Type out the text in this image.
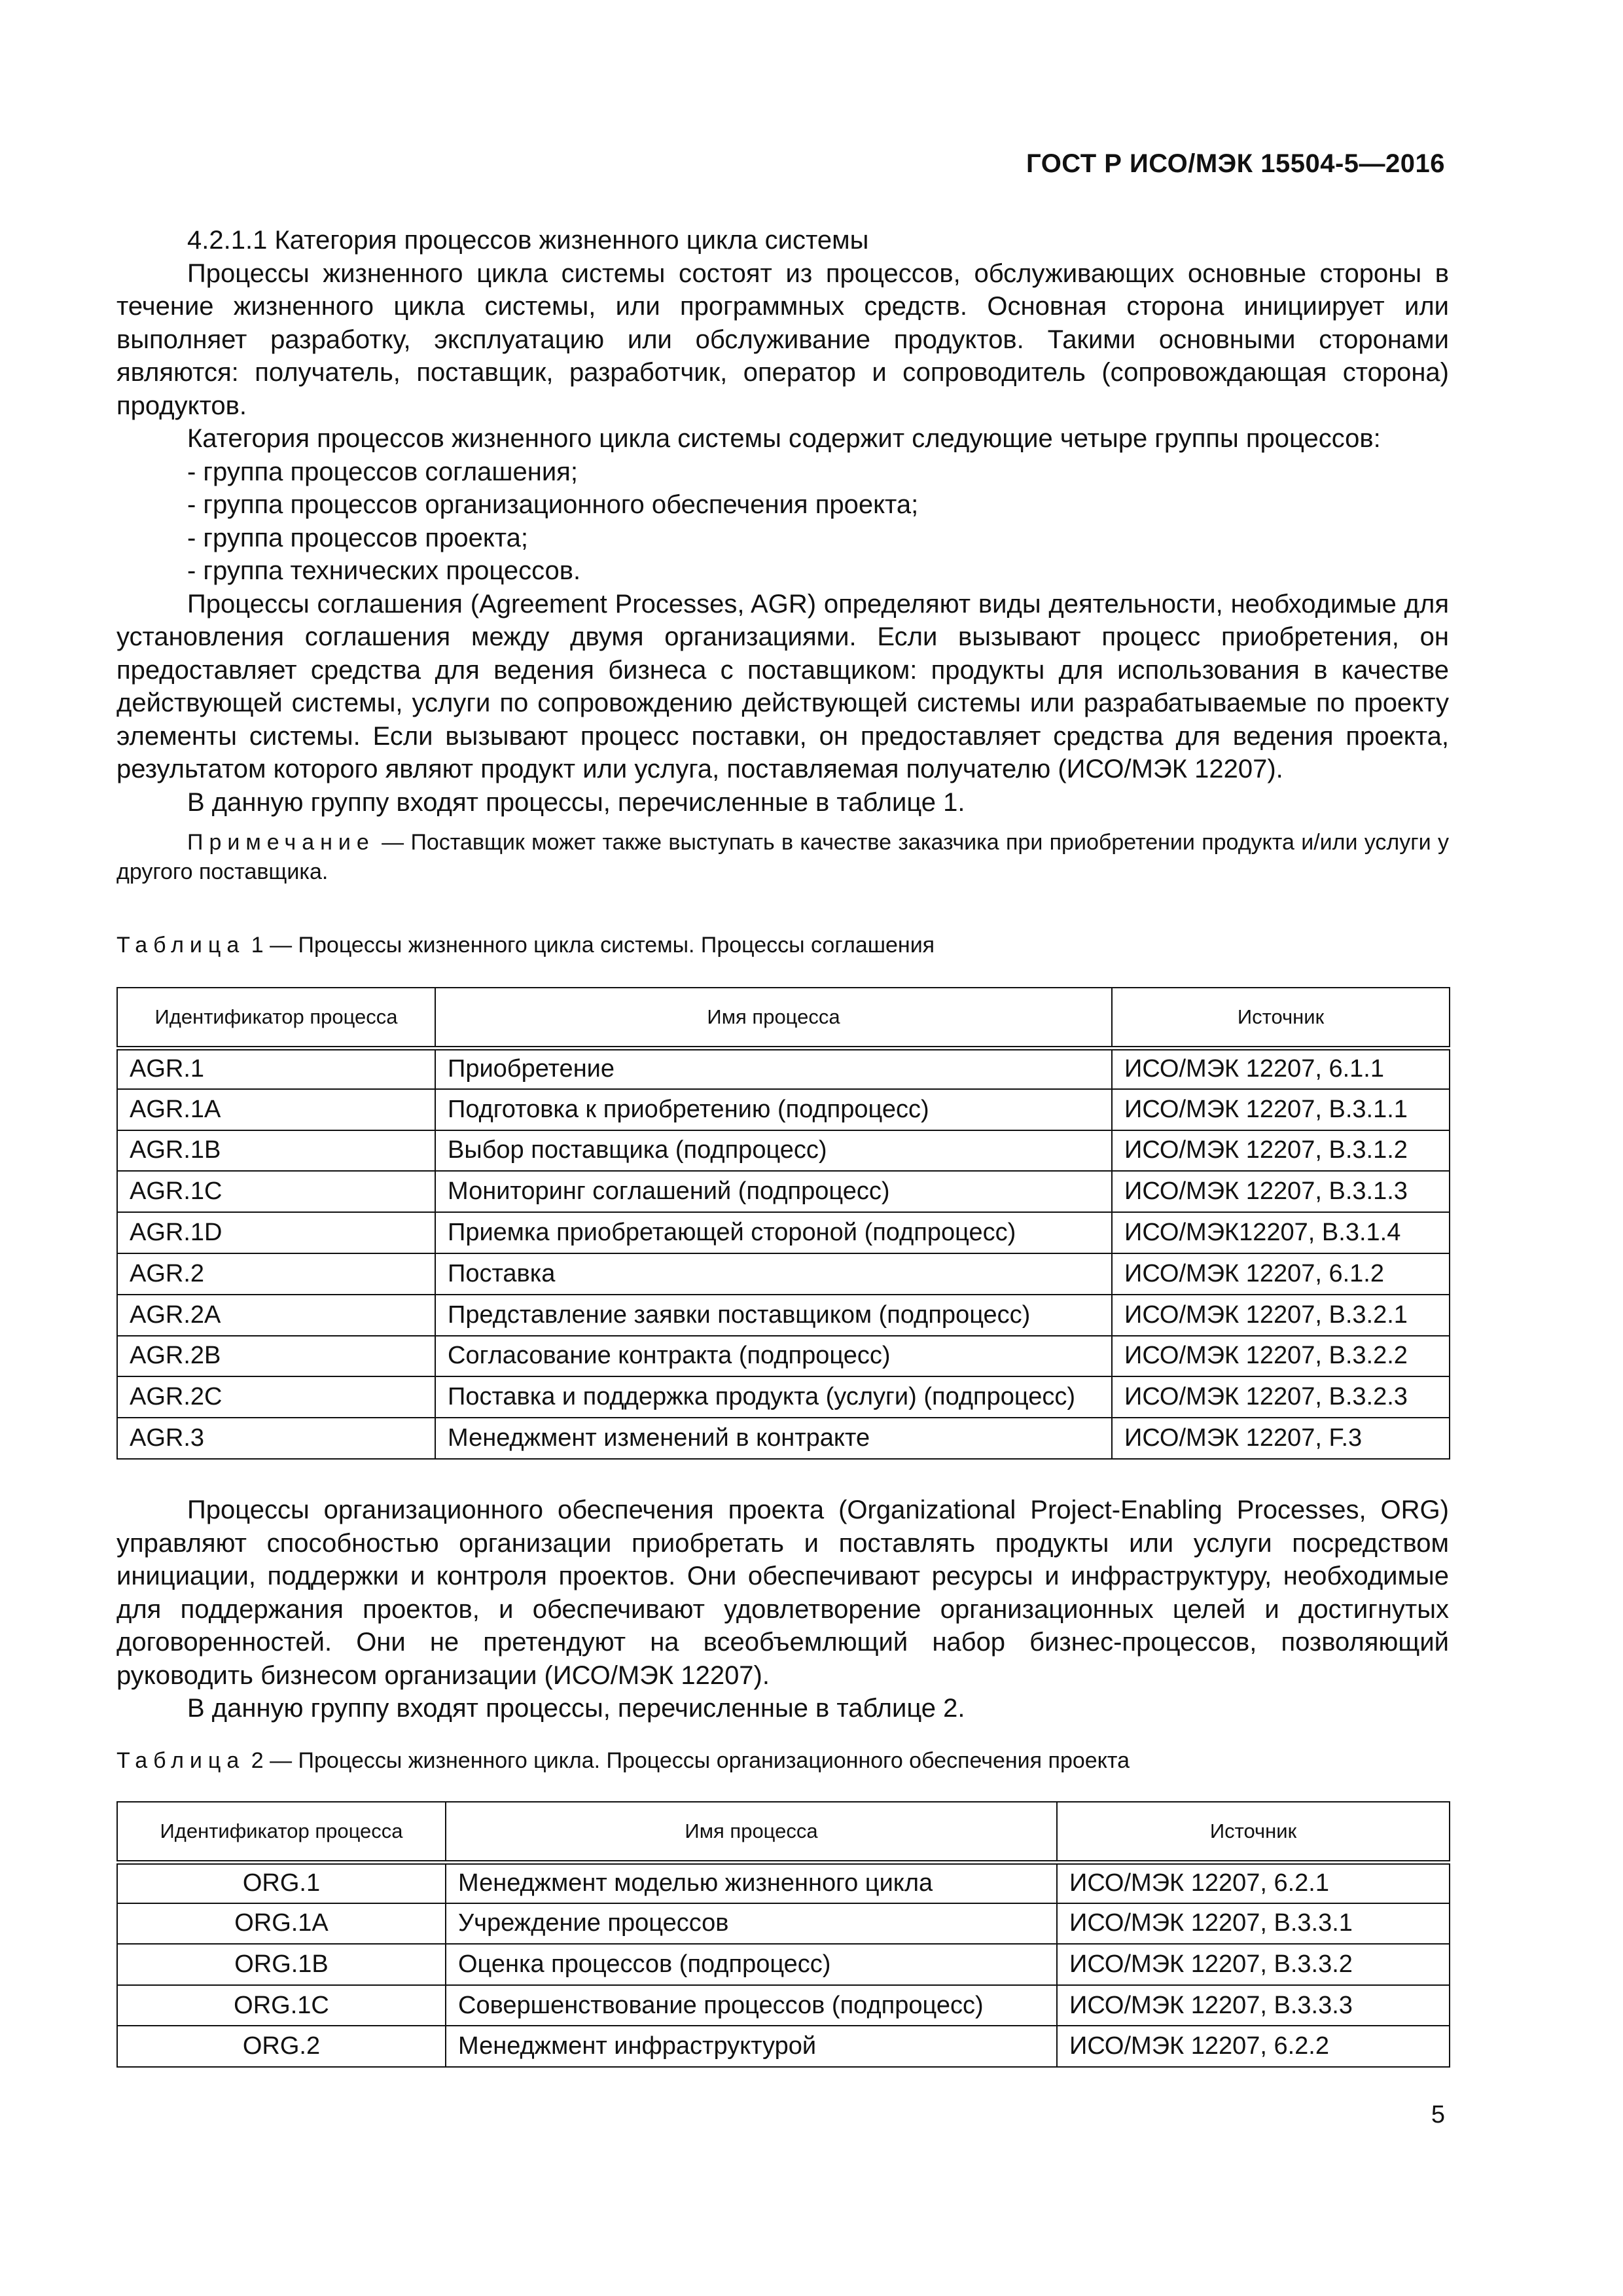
ГОСТ Р ИСО/МЭК 15504-5—2016

4.2.1.1 Категория процессов жизненного цикла системы

Процессы жизненного цикла системы состоят из процессов, обслуживающих основные стороны в течение жизненного цикла системы, или программных средств. Основная сторона инициирует или выполняет разработку, эксплуатацию или обслуживание продуктов. Такими основными сторонами являются: получатель, поставщик, разработчик, оператор и сопроводитель (сопровождающая сторона) продуктов.

Категория процессов жизненного цикла системы содержит следующие четыре группы процессов:

- группа процессов соглашения;

- группа процессов организационного обеспечения проекта;

- группа процессов проекта;

- группа технических процессов.

Процессы соглашения (Agreement Processes, AGR) определяют виды деятельности, необходимые для установления соглашения между двумя организациями. Если вызывают процесс приобретения, он предоставляет средства для ведения бизнеса с поставщиком: продукты для использования в качестве действующей системы, услуги по сопровождению действующей системы или разрабатываемые по проекту элементы системы. Если вызывают процесс поставки, он предоставляет средства для ведения проекта, результатом которого являют продукт или услуга, поставляемая получателю (ИСО/МЭК 12207).

В данную группу входят процессы, перечисленные в таблице 1.

Примечание — Поставщик может также выступать в качестве заказчика при приобретении продукта и/или услуги у другого поставщика.

Таблица 1 — Процессы жизненного цикла системы. Процессы соглашения
Идентификатор процесса	Имя процесса	Источник
AGR.1	Приобретение	ИСО/МЭК 12207, 6.1.1
AGR.1A	Подготовка к приобретению (подпроцесс)	ИСО/МЭК 12207, В.3.1.1
AGR.1B	Выбор поставщика (подпроцесс)	ИСО/МЭК 12207, В.3.1.2
AGR.1C	Мониторинг соглашений (подпроцесс)	ИСО/МЭК 12207, В.3.1.3
AGR.1D	Приемка приобретающей стороной (подпроцесс)	ИСО/МЭК12207, В.3.1.4
AGR.2	Поставка	ИСО/МЭК 12207, 6.1.2
AGR.2A	Представление заявки поставщиком (подпроцесс)	ИСО/МЭК 12207, В.3.2.1
AGR.2B	Согласование контракта (подпроцесс)	ИСО/МЭК 12207, В.3.2.2
AGR.2C	Поставка и поддержка продукта (услуги) (подпроцесс)	ИСО/МЭК 12207, В.3.2.3
AGR.3	Менеджмент изменений в контракте	ИСО/МЭК 12207, F.3

Процессы организационного обеспечения проекта (Organizational Project-Enabling Processes, ORG) управляют способностью организации приобретать и поставлять продукты или услуги посредством инициации, поддержки и контроля проектов. Они обеспечивают ресурсы и инфраструктуру, необходимые для поддержания проектов, и обеспечивают удовлетворение организационных целей и достигнутых договоренностей. Они не претендуют на всеобъемлющий набор бизнес-процессов, позволяющий руководить бизнесом организации (ИСО/МЭК 12207).

В данную группу входят процессы, перечисленные в таблице 2.

Таблица 2 — Процессы жизненного цикла. Процессы организационного обеспечения проекта
Идентификатор процесса	Имя процесса	Источник
ORG.1	Менеджмент моделью жизненного цикла	ИСО/МЭК 12207, 6.2.1
ORG.1A	Учреждение процессов	ИСО/МЭК 12207, В.3.3.1
ORG.1B	Оценка процессов (подпроцесс)	ИСО/МЭК 12207, В.3.3.2
ORG.1C	Совершенствование процессов (подпроцесс)	ИСО/МЭК 12207, В.3.3.3
ORG.2	Менеджмент инфраструктурой	ИСО/МЭК 12207, 6.2.2
5
